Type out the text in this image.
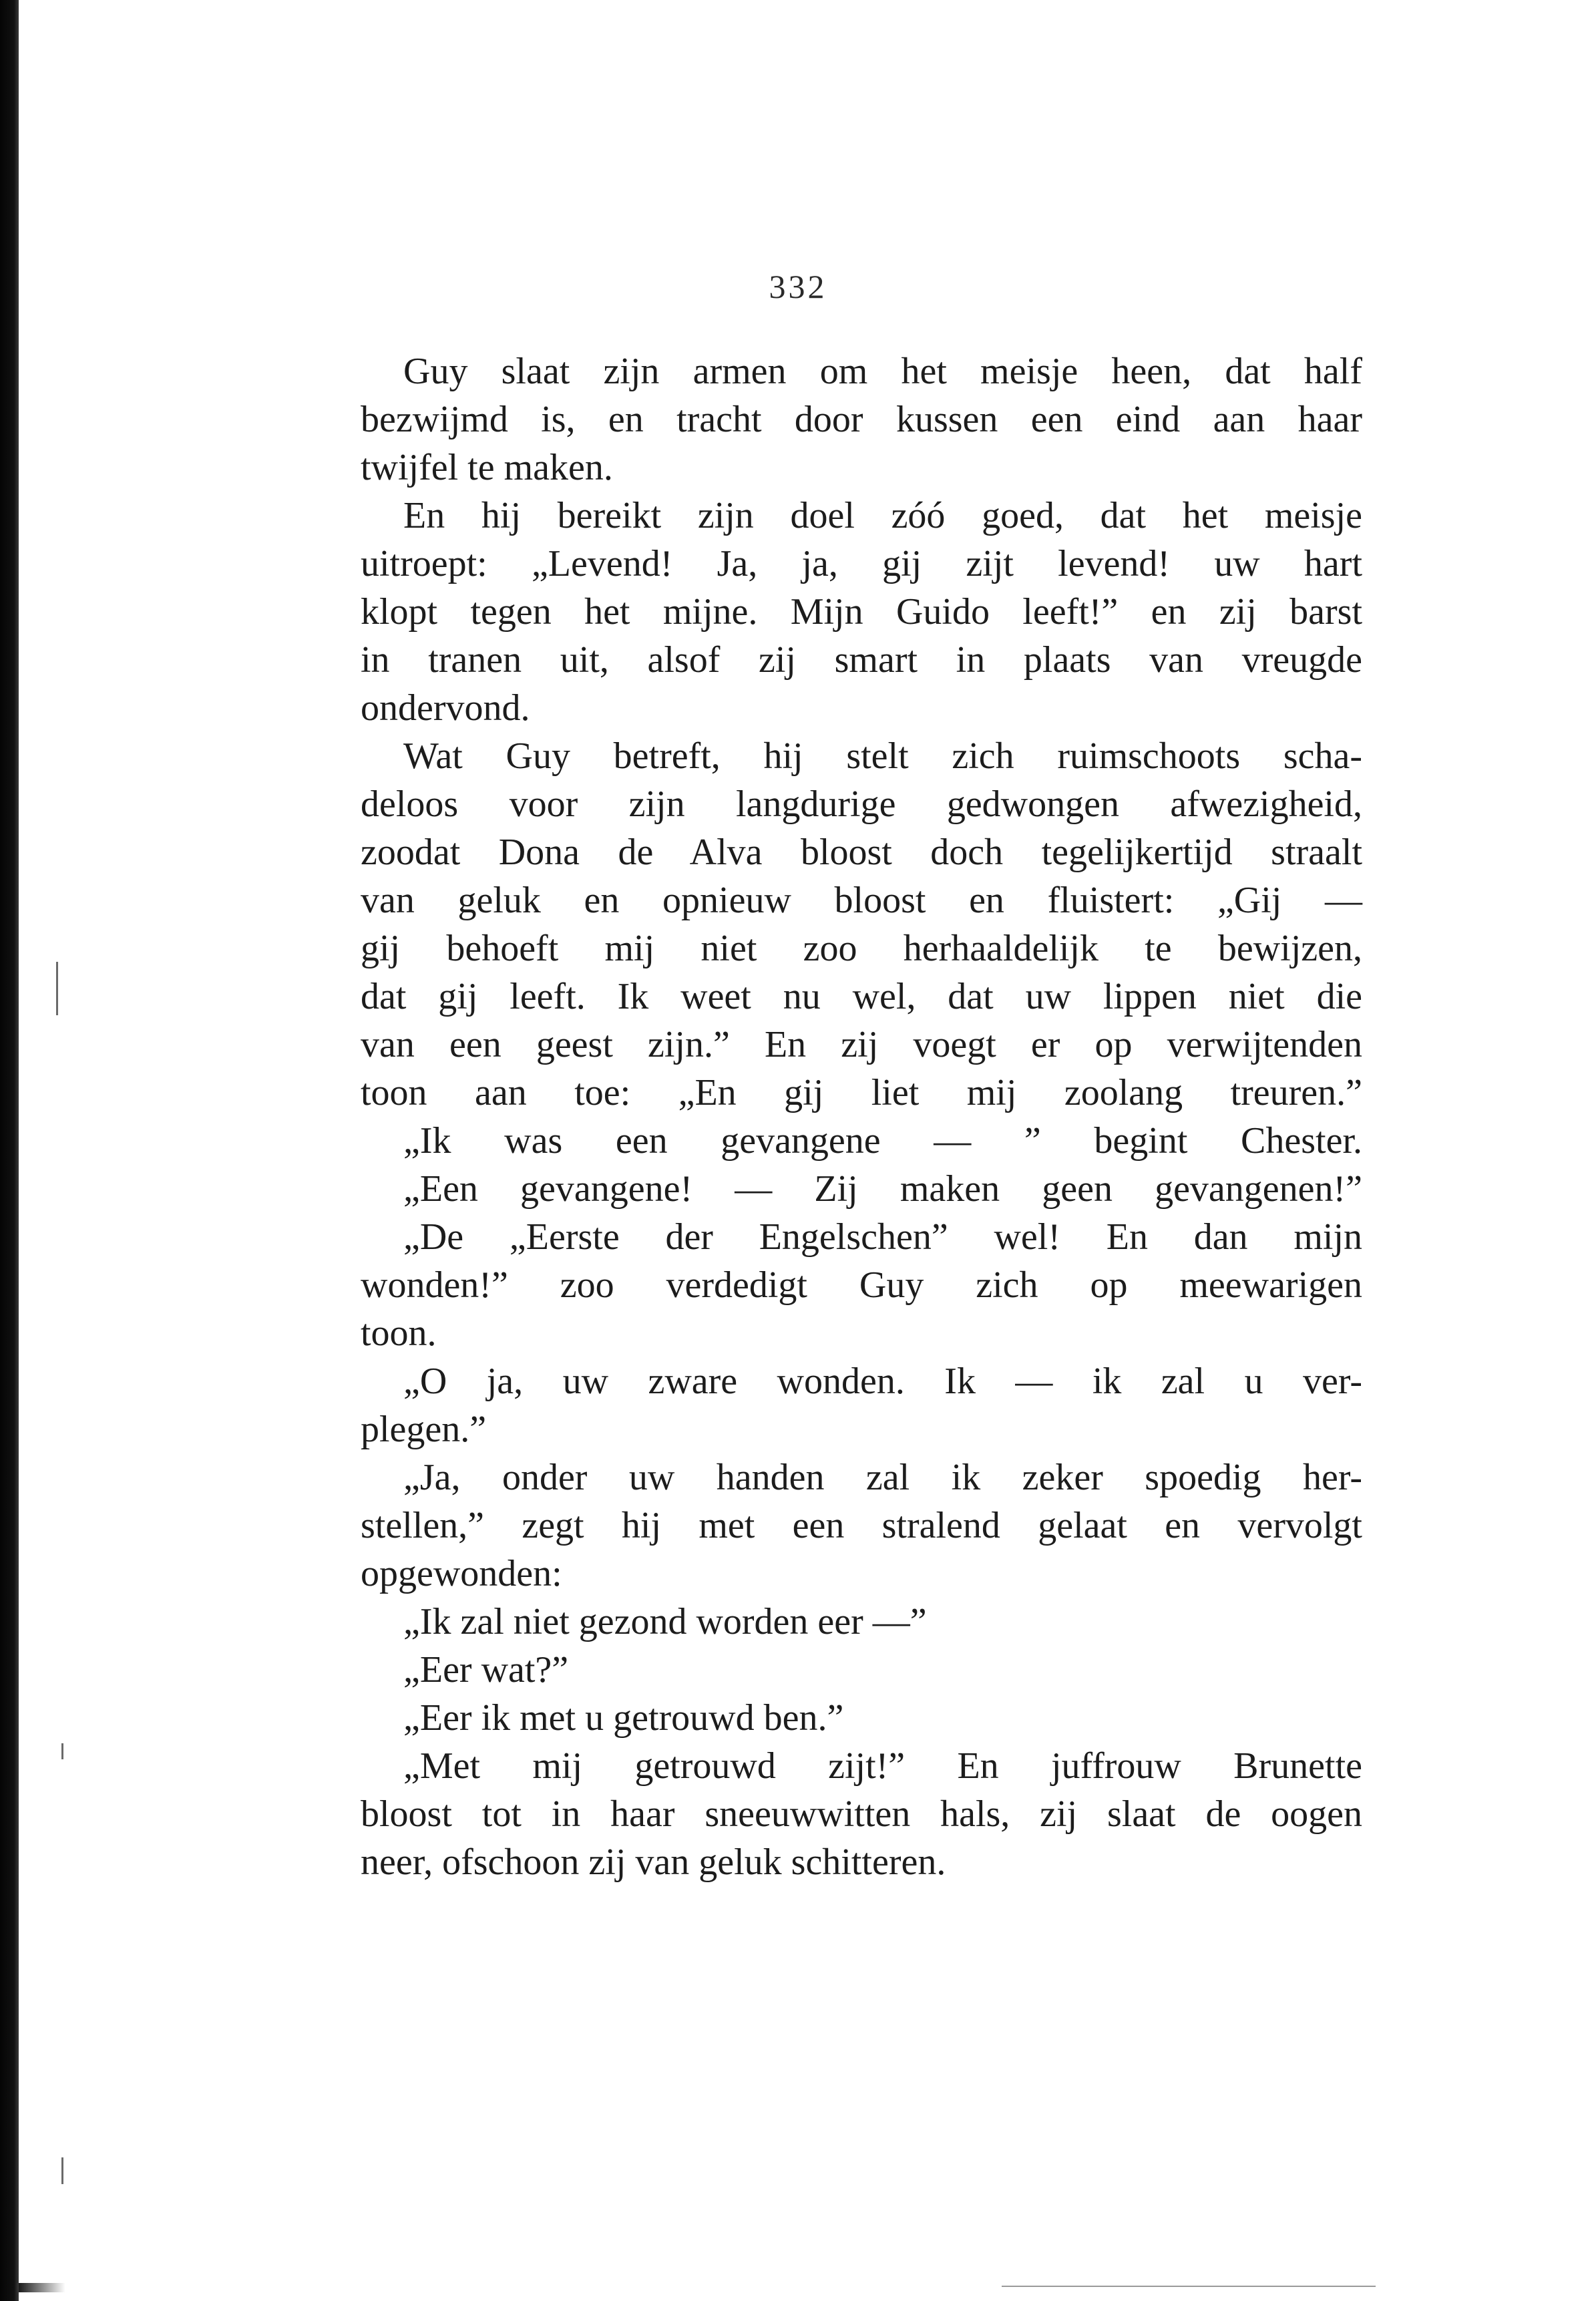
332
Guy slaat zijn armen om het meisje heen, dat half
bezwijmd is, en tracht door kussen een eind aan haar
twijfel te maken.
En hij bereikt zijn doel zóó goed, dat het meisje
uitroept: „Levend! Ja, ja, gij zijt levend! uw hart
klopt tegen het mijne. Mijn Guido leeft!” en zij barst
in tranen uit, alsof zij smart in plaats van vreugde
ondervond.
Wat Guy betreft, hij stelt zich ruimschoots scha-
deloos voor zijn langdurige gedwongen afwezigheid,
zoodat Dona de Alva bloost doch tegelijkertijd straalt
van geluk en opnieuw bloost en fluistert: „Gij —
gij behoeft mij niet zoo herhaaldelijk te bewijzen,
dat gij leeft. Ik weet nu wel, dat uw lippen niet die
van een geest zijn.” En zij voegt er op verwijtenden
toon aan toe: „En gij liet mij zoolang treuren.”
„Ik was een gevangene — ” begint Chester.
„Een gevangene! — Zij maken geen gevangenen!”
„De „Eerste der Engelschen” wel! En dan mijn
wonden!” zoo verdedigt Guy zich op meewarigen
toon.
„O ja, uw zware wonden. Ik — ik zal u ver-
plegen.”
„Ja, onder uw handen zal ik zeker spoedig her-
stellen,” zegt hij met een stralend gelaat en vervolgt
opgewonden:
„Ik zal niet gezond worden eer —”
„Eer wat?”
„Eer ik met u getrouwd ben.”
„Met mij getrouwd zijt!” En juffrouw Brunette
bloost tot in haar sneeuwwitten hals, zij slaat de oogen
neer, ofschoon zij van geluk schitteren.
